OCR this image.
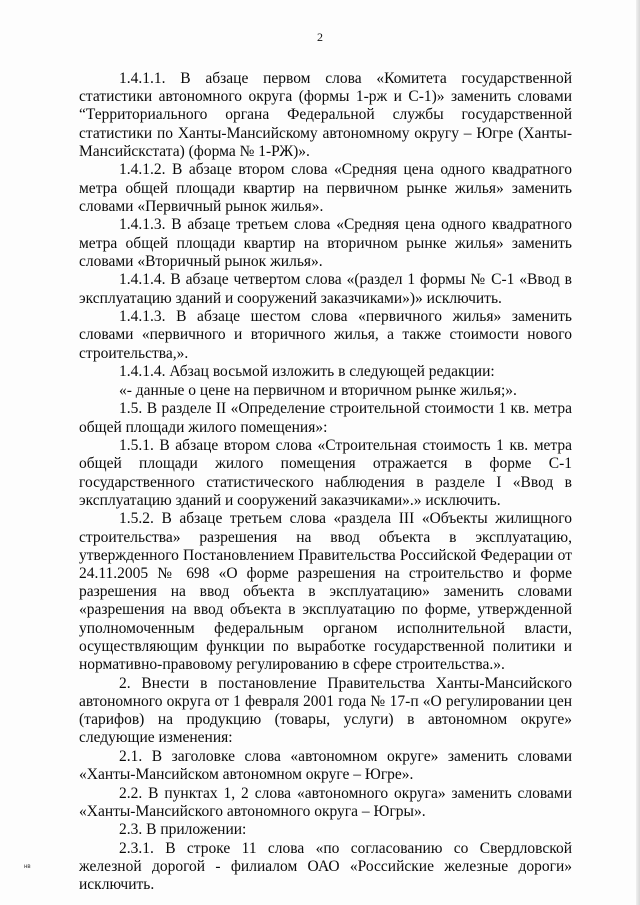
2

1.4.1.1. В абзаце первом слова «Комитета государственной статистики автономного округа (формы 1-рж и С-1)» заменить словами “Территориального органа Федеральной службы государственной статистики по Ханты-Мансийскому автономному округу – Югре (Ханты-Мансийскстата) (форма № 1-РЖ)».

1.4.1.2. В абзаце втором слова «Средняя цена одного квадратного метра общей площади квартир на первичном рынке жилья» заменить словами «Первичный рынок жилья».

1.4.1.3. В абзаце третьем слова «Средняя цена одного квадратного метра общей площади квартир на вторичном рынке жилья» заменить словами «Вторичный рынок жилья».

1.4.1.4. В абзаце четвертом слова «(раздел 1 формы № С-1 «Ввод в эксплуатацию зданий и сооружений заказчиками»)» исключить.

1.4.1.3. В абзаце шестом слова «первичного жилья» заменить словами «первичного и вторичного жилья, а также стоимости нового строительства,».

1.4.1.4. Абзац восьмой изложить в следующей редакции:

«- данные о цене на первичном и вторичном рынке жилья;».

1.5. В разделе II «Определение строительной стоимости 1 кв. метра общей площади жилого помещения»:

1.5.1. В абзаце втором слова «Строительная стоимость 1 кв. метра общей площади жилого помещения отражается в форме С-1 государственного статистического наблюдения в разделе I «Ввод в эксплуатацию зданий и сооружений заказчиками».» исключить.

1.5.2. В абзаце третьем слова «раздела III «Объекты жилищного строительства» разрешения на ввод объекта в эксплуатацию, утвержденного Постановлением Правительства Российской Федерации от 24.11.2005 № 698 «О форме разрешения на строительство и форме разрешения на ввод объекта в эксплуатацию» заменить словами «разрешения на ввод объекта в эксплуатацию по форме, утвержденной уполномоченным федеральным органом исполнительной власти, осуществляющим функции по выработке государственной политики и нормативно-правовому регулированию в сфере строительства.».

2. Внести в постановление Правительства Ханты-Мансийского автономного округа от 1 февраля 2001 года № 17-п «О регулировании цен (тарифов) на продукцию (товары, услуги) в автономном округе» следующие изменения:

2.1. В заголовке слова «автономном округе» заменить словами «Ханты-Мансийском автономном округе – Югре».

2.2. В пунктах 1, 2 слова «автономного округа» заменить словами «Ханты-Мансийского автономного округа – Югры».

2.3. В приложении:

2.3.1. В строке 11 слова «по согласованию со Свердловской железной дорогой - филиалом ОАО «Российские железные дороги» исключить.

нв
